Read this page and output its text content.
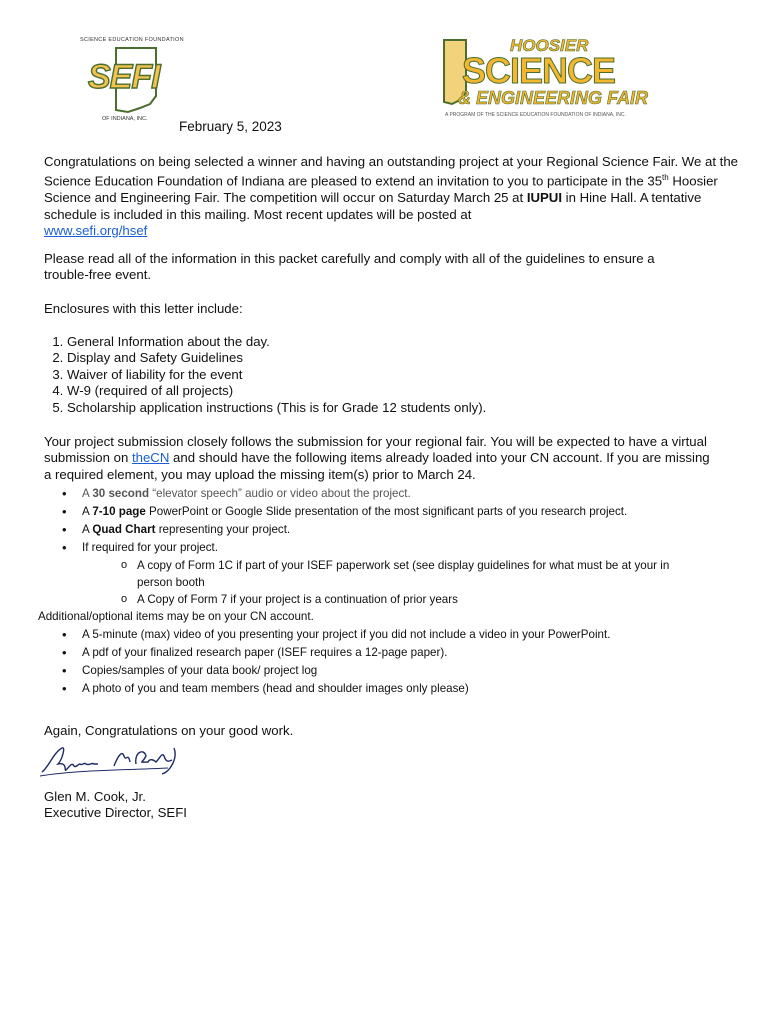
SCIENCE EDUCATION FOUNDATION
SEFI
OF INDIANA, INC.
HOOSIER
SCIENCE
& ENGINEERING FAIR
A PROGRAM OF THE SCIENCE EDUCATION FOUNDATION OF INDIANA, INC.
February 5, 2023

Congratulations on being selected a winner and having an outstanding project at your Regional Science Fair. We at the Science Education Foundation of Indiana are pleased to extend an invitation to you to participate in the 35th Hoosier Science and Engineering Fair. The competition will occur on Saturday March 25 at IUPUI in Hine Hall. A tentative schedule is included in this mailing. Most recent updates will be posted at
www.sefi.org/hsef

Please read all of the information in this packet carefully and comply with all of the guidelines to ensure a trouble-free event.
Enclosures with this letter include:
1. General Information about the day.
2. Display and Safety Guidelines
3. Waiver of liability for the event
4. W-9 (required of all projects)
5. Scholarship application instructions (This is for Grade 12 students only).
Your project submission closely follows the submission for your regional fair. You will be expected to have a virtual submission on theCN and should have the following items already loaded into your CN account. If you are missing a required element, you may upload the missing item(s) prior to March 24.
• A 30 second “elevator speech” audio or video about the project.
• A 7-10 page PowerPoint or Google Slide presentation of the most significant parts of you research project.
• A Quad Chart representing your project.
• If required for your project.
o A copy of Form 1C if part of your ISEF paperwork set (see display guidelines for what must be at your in person booth
o A Copy of Form 7 if your project is a continuation of prior years
Additional/optional items may be on your CN account.
• A 5-minute (max) video of you presenting your project if you did not include a video in your PowerPoint.
• A pdf of your finalized research paper (ISEF requires a 12-page paper).
• Copies/samples of your data book/ project log
• A photo of you and team members (head and shoulder images only please)
Again, Congratulations on your good work.
Glen M. Cook, Jr.
Executive Director, SEFI
